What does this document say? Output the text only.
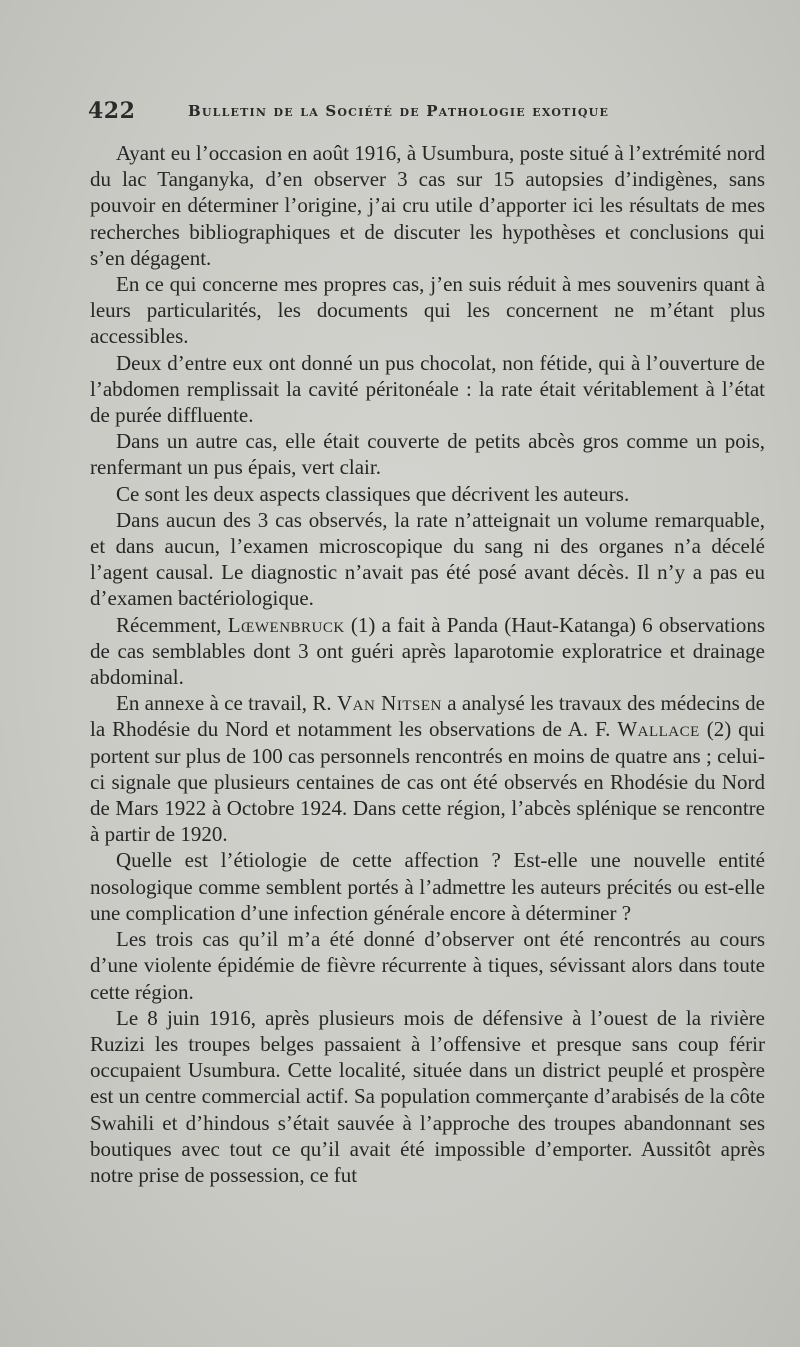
422	Bulletin de la Société de Pathologie exotique

Ayant eu l’occasion en août 1916, à Usumbura, poste situé à l’extrémité nord du lac Tanganyka, d’en observer 3 cas sur 15 autopsies d’indigènes, sans pouvoir en déterminer l’origine, j’ai cru utile d’apporter ici les résultats de mes recherches bibliographiques et de discuter les hypothèses et conclusions qui s’en dégagent.

En ce qui concerne mes propres cas, j’en suis réduit à mes souvenirs quant à leurs particularités, les documents qui les concernent ne m’étant plus accessibles.

Deux d’entre eux ont donné un pus chocolat, non fétide, qui à l’ouverture de l’abdomen remplissait la cavité péritonéale : la rate était véritablement à l’état de purée diffluente.

Dans un autre cas, elle était couverte de petits abcès gros comme un pois, renfermant un pus épais, vert clair.

Ce sont les deux aspects classiques que décrivent les auteurs.

Dans aucun des 3 cas observés, la rate n’atteignait un volume remarquable, et dans aucun, l’examen microscopique du sang ni des organes n’a décelé l’agent causal. Le diagnostic n’avait pas été posé avant décès. Il n’y a pas eu d’examen bactériologique.

Récemment, Lœwenbruck (1) a fait à Panda (Haut-Katanga) 6 observations de cas semblables dont 3 ont guéri après laparotomie exploratrice et drainage abdominal.

En annexe à ce travail, R. Van Nitsen a analysé les travaux des médecins de la Rhodésie du Nord et notamment les observations de A. F. Wallace (2) qui portent sur plus de 100 cas personnels rencontrés en moins de quatre ans ; celui-ci signale que plusieurs centaines de cas ont été observés en Rhodésie du Nord de Mars 1922 à Octobre 1924. Dans cette région, l’abcès splénique se rencontre à partir de 1920.

Quelle est l’étiologie de cette affection ? Est-elle une nouvelle entité nosologique comme semblent portés à l’admettre les auteurs précités ou est-elle une complication d’une infection générale encore à déterminer ?

Les trois cas qu’il m’a été donné d’observer ont été rencontrés au cours d’une violente épidémie de fièvre récurrente à tiques, sévissant alors dans toute cette région.

Le 8 juin 1916, après plusieurs mois de défensive à l’ouest de la rivière Ruzizi les troupes belges passaient à l’offensive et presque sans coup férir occupaient Usumbura. Cette localité, située dans un district peuplé et prospère est un centre commercial actif. Sa population commerçante d’arabisés de la côte Swahili et d’hindous s’était sauvée à l’approche des troupes abandonnant ses boutiques avec tout ce qu’il avait été impossible d’emporter. Aussitôt après notre prise de possession, ce fut
